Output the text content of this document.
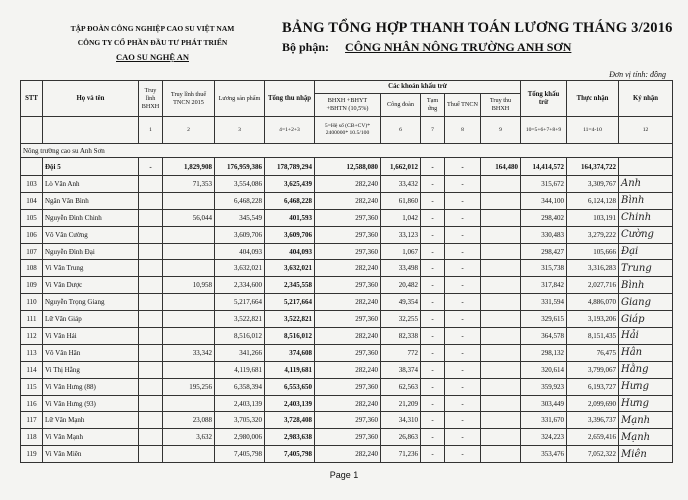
TẬP ĐOÀN CÔNG NGHIỆP CAO SU VIỆT NAM
CÔNG TY CỔ PHẦN ĐẦU TƯ PHÁT TRIỂN
CAO SU NGHỆ AN
BẢNG TỔNG HỢP THANH TOÁN LƯƠNG THÁNG 3/2016
Bộ phận: CÔNG NHÂN NÔNG TRƯỜNG ANH SƠN
Đơn vị tính: đồng
STT	Họ và tên	Truy lĩnh BHXH	Truy lĩnh thuế TNCN 2015	Lương sản phẩm	Tổng thu nhập	Các khoản khấu trừ					Tổng khấu trừ	Thực nhận	Ký nhận
						BHXH +BHYT +BHTN (10,5%)	Công đoàn	Tạm ứng	Thuế TNCN	Truy thu BHXH			
		1	2	3	4=1+2+3	5=Hệ số (CB+CV)* 2400000* 10.5/100	6	7	8	9	10=5+6+7+8+9	11=4-10	12
Nông trường cao su Anh Sơn													
	Đội 5	-	1,829,908	176,959,386	178,789,294	12,588,080	1,662,012	-	-	164,480	14,414,572	164,374,722	
103	Lò Văn Anh		71,353	3,554,086	3,625,439	282,240	33,432	-	-		315,672	3,309,767	Anh
104	Ngân Văn Bình			6,468,228	6,468,228	282,240	61,860	-	-		344,100	6,124,128	Bình
105	Nguyễn Đình Chinh		56,044	345,549	401,593	297,360	1,042	-	-		298,402	103,191	Chinh
106	Võ Văn Cường			3,609,706	3,609,706	297,360	33,123	-	-		330,483	3,279,222	Cường
107	Nguyễn Đình Đại			404,093	404,093	297,360	1,067	-	-		298,427	105,666	Đại
108	Vi Văn Trung			3,632,021	3,632,021	282,240	33,498	-	-		315,738	3,316,283	Trung
109	Vi Văn Dược		10,958	2,334,600	2,345,558	297,360	20,482	-	-		317,842	2,027,716	Bình
110	Nguyễn Trọng Giang			5,217,664	5,217,664	282,240	49,354	-	-		331,594	4,886,070	Giang
111	Lữ Văn Giáp			3,522,821	3,522,821	297,360	32,255	-	-		329,615	3,193,206	Giáp
112	Vi Văn Hải			8,516,012	8,516,012	282,240	82,338	-	-		364,578	8,151,435	Hải
113	Võ Văn Hân		33,342	341,266	374,608	297,360	772	-	-		298,132	76,475	Hân
114	Vi Thị Hằng			4,119,681	4,119,681	282,240	38,374	-	-		320,614	3,799,067	Hằng
115	Vi Văn Hưng (88)		195,256	6,358,394	6,553,650	297,360	62,563	-	-		359,923	6,193,727	Hưng
116	Vi Văn Hưng (93)			2,403,139	2,403,139	282,240	21,209	-	-		303,449	2,099,690	Hưng
117	Lữ Văn Mạnh		23,088	3,705,320	3,728,408	297,360	34,310	-	-		331,670	3,396,737	Mạnh
118	Vi Văn Mạnh		3,632	2,980,006	2,983,638	297,360	26,863	-	-		324,223	2,659,416	Mạnh
119	Vi Văn Miên			7,405,798	7,405,798	282,240	71,236	-	-		353,476	7,052,322	Miên
Page 1
